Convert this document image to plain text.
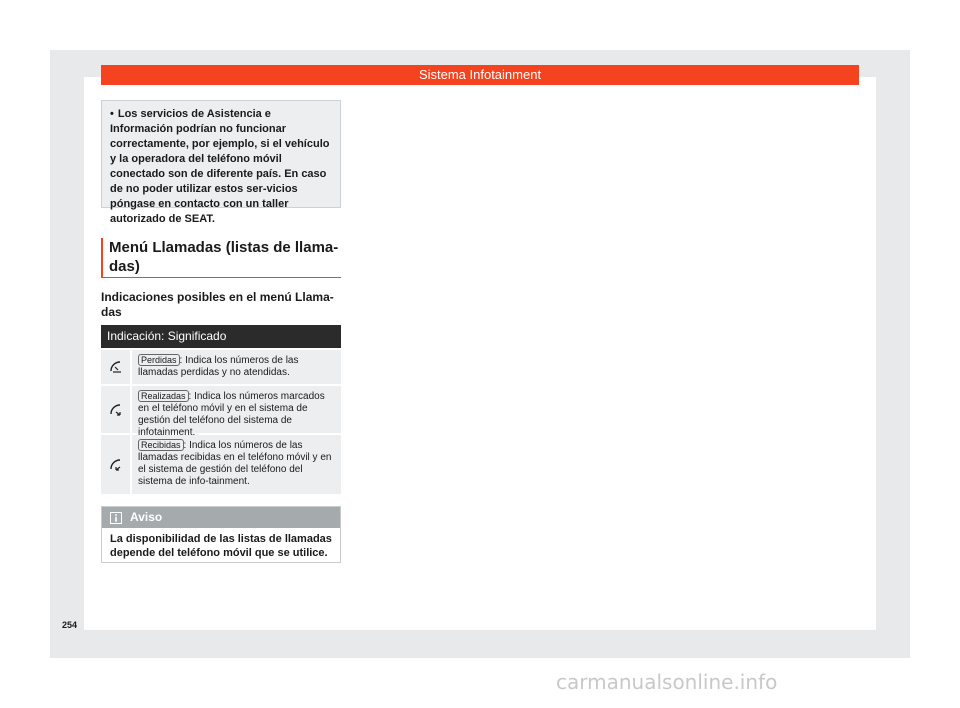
Sistema Infotainment
• Los servicios de Asistencia e Información podrían no funcionar correctamente, por ejemplo, si el vehículo y la operadora del teléfono móvil conectado son de diferente país. En caso de no poder utilizar estos ser-vicios póngase en contacto con un taller autorizado de SEAT.
Menú Llamadas (listas de llama-das)
Indicaciones posibles en el menú Llama-das
Indicación: Significado
Perdidas : Indica los números de las llamadas perdidas y no atendidas.
Realizadas : Indica los números marcados en el teléfono móvil y en el sistema de gestión del teléfono del sistema de infotainment.
Recibidas : Indica los números de las llamadas recibidas en el teléfono móvil y en el sistema de gestión del teléfono del sistema de info-tainment.
Aviso
La disponibilidad de las listas de llamadas depende del teléfono móvil que se utilice.
254
carmanualsonline.info
